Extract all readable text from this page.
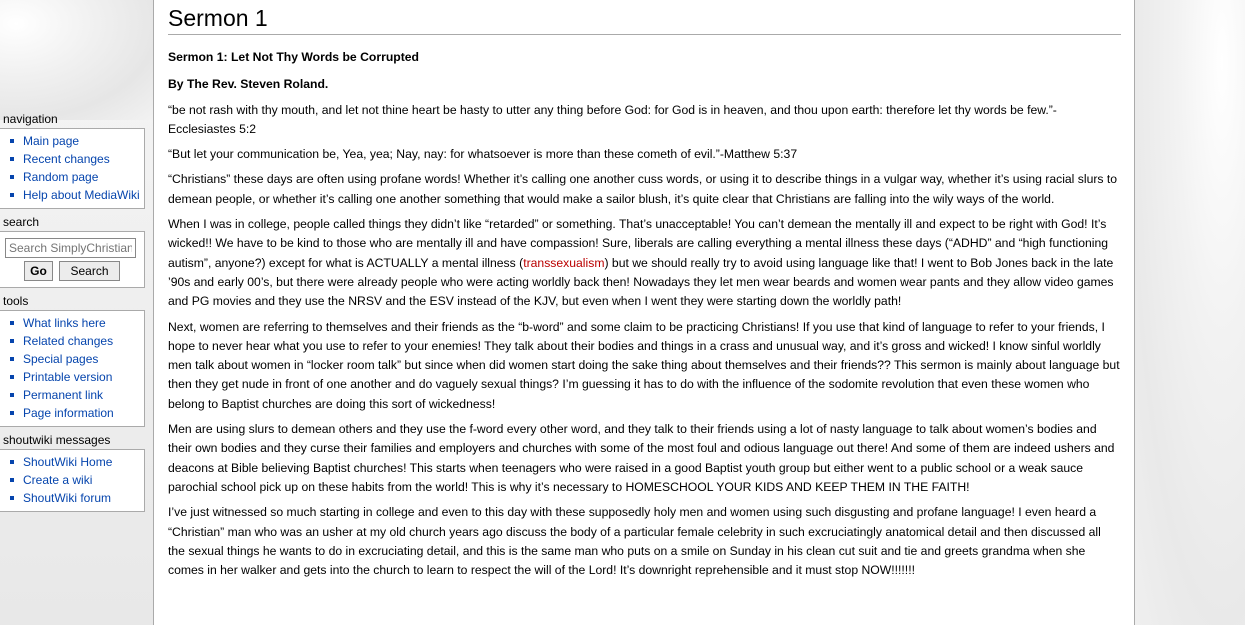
navigation
Main page
Recent changes
Random page
Help about MediaWiki
search
Search SimplyChristian
Go Search
tools
What links here
Related changes
Special pages
Printable version
Permanent link
Page information
shoutwiki messages
ShoutWiki Home
Create a wiki
ShoutWiki forum
Sermon 1

Sermon 1: Let Not Thy Words be Corrupted

By The Rev. Steven Roland.

“be not rash with thy mouth, and let not thine heart be hasty to utter any thing before God: for God is in heaven, and thou upon earth: therefore let thy words be few.”-Ecclesiastes 5:2

“But let your communication be, Yea, yea; Nay, nay: for whatsoever is more than these cometh of evil.”-Matthew 5:37

“Christians” these days are often using profane words! Whether it’s calling one another cuss words, or using it to describe things in a vulgar way, whether it’s using racial slurs to demean people, or whether it’s calling one another something that would make a sailor blush, it’s quite clear that Christians are falling into the wily ways of the world.

When I was in college, people called things they didn’t like “retarded” or something. That’s unacceptable! You can’t demean the mentally ill and expect to be right with God! It’s wicked!! We have to be kind to those who are mentally ill and have compassion! Sure, liberals are calling everything a mental illness these days (“ADHD” and “high functioning autism”, anyone?) except for what is ACTUALLY a mental illness (transsexualism) but we should really try to avoid using language like that! I went to Bob Jones back in the late ’90s and early 00’s, but there were already people who were acting worldly back then! Nowadays they let men wear beards and women wear pants and they allow video games and PG movies and they use the NRSV and the ESV instead of the KJV, but even when I went they were starting down the worldly path!

Next, women are referring to themselves and their friends as the “b-word” and some claim to be practicing Christians! If you use that kind of language to refer to your friends, I hope to never hear what you use to refer to your enemies! They talk about their bodies and things in a crass and unusual way, and it’s gross and wicked! I know sinful worldly men talk about women in “locker room talk” but since when did women start doing the sake thing about themselves and their friends?? This sermon is mainly about language but then they get nude in front of one another and do vaguely sexual things? I’m guessing it has to do with the influence of the sodomite revolution that even these women who belong to Baptist churches are doing this sort of wickedness!

Men are using slurs to demean others and they use the f-word every other word, and they talk to their friends using a lot of nasty language to talk about women’s bodies and their own bodies and they curse their families and employers and churches with some of the most foul and odious language out there! And some of them are indeed ushers and deacons at Bible believing Baptist churches! This starts when teenagers who were raised in a good Baptist youth group but either went to a public school or a weak sauce parochial school pick up on these habits from the world! This is why it’s necessary to HOMESCHOOL YOUR KIDS AND KEEP THEM IN THE FAITH!

I’ve just witnessed so much starting in college and even to this day with these supposedly holy men and women using such disgusting and profane language! I even heard a “Christian” man who was an usher at my old church years ago discuss the body of a particular female celebrity in such excruciatingly anatomical detail and then discussed all the sexual things he wants to do in excruciating detail, and this is the same man who puts on a smile on Sunday in his clean cut suit and tie and greets grandma when she comes in her walker and gets into the church to learn to respect the will of the Lord! It’s downright reprehensible and it must stop NOW!!!!!!!
